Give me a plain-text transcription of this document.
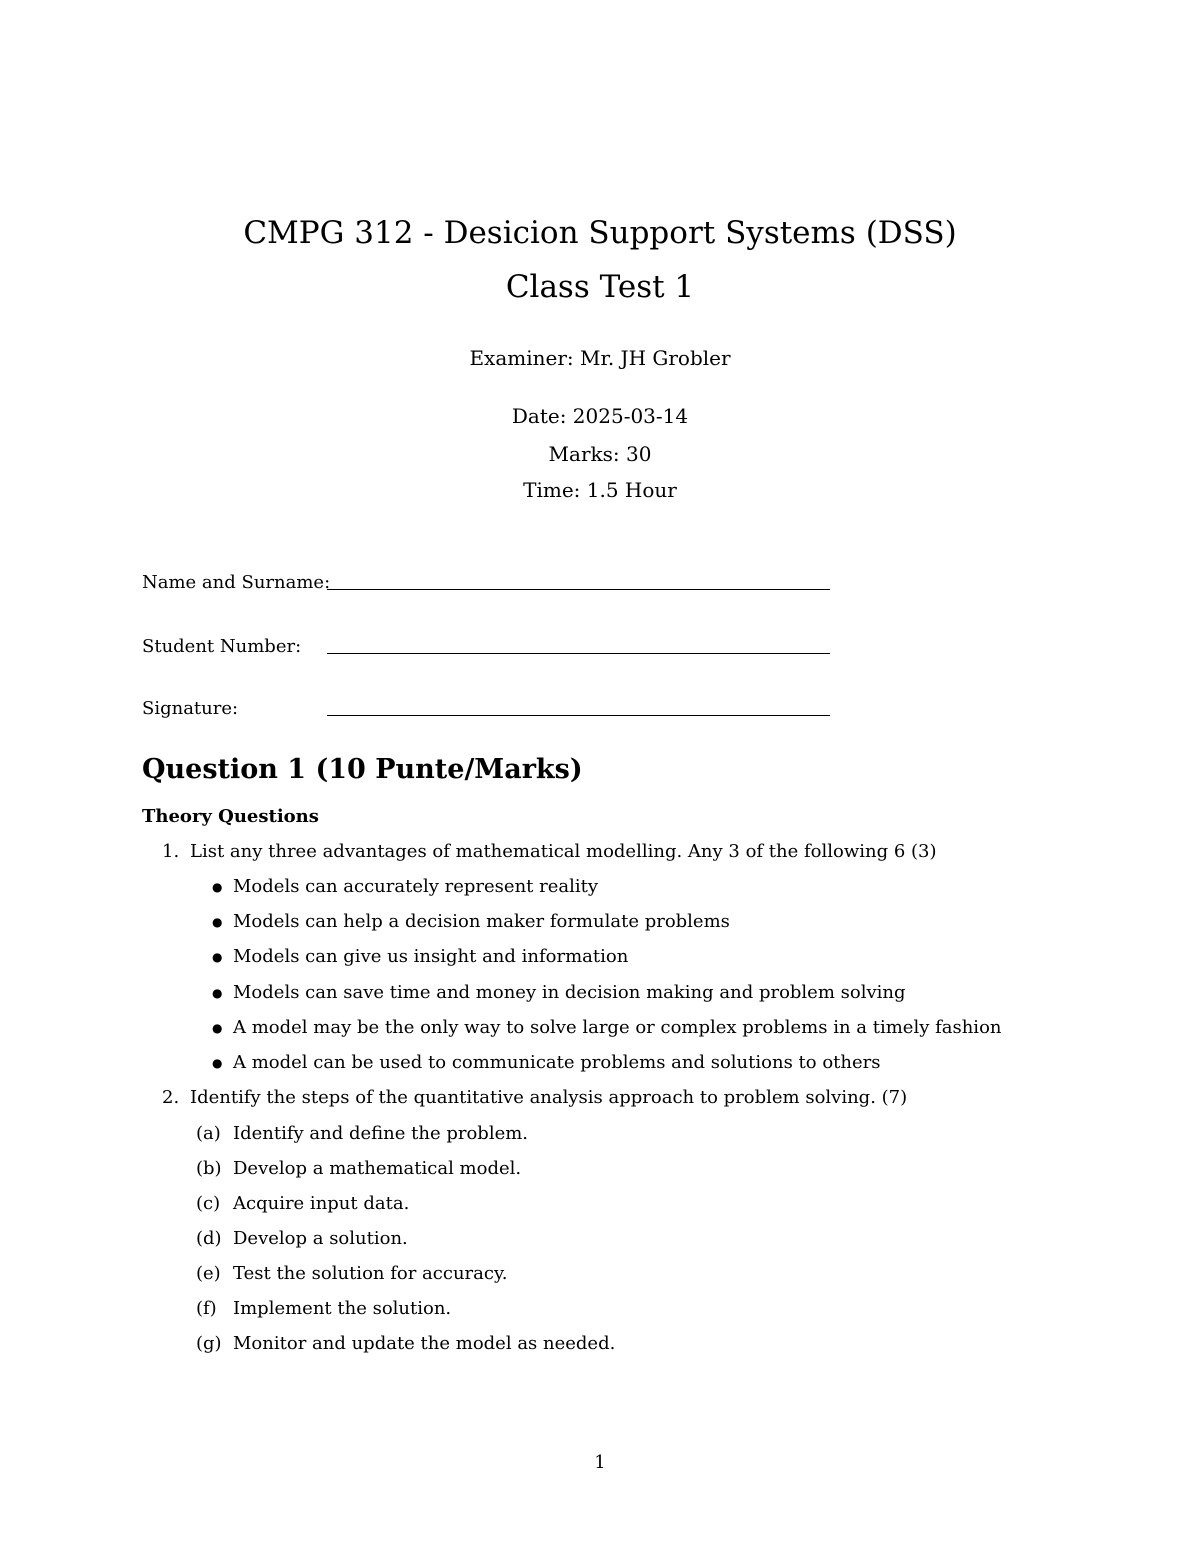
CMPG 312 - Desicion Support Systems (DSS)
Class Test 1
Examiner: Mr. JH Grobler
Date: 2025-03-14
Marks: 30
Time: 1.5 Hour
Name and Surname:
Student Number:
Signature:
Question 1 (10 Punte/Marks)
Theory Questions
1. List any three advantages of mathematical modelling. Any 3 of the following 6 (3)
● Models can accurately represent reality
● Models can help a decision maker formulate problems
● Models can give us insight and information
● Models can save time and money in decision making and problem solving
● A model may be the only way to solve large or complex problems in a timely fashion
● A model can be used to communicate problems and solutions to others
2. Identify the steps of the quantitative analysis approach to problem solving. (7)
(a) Identify and define the problem.
(b) Develop a mathematical model.
(c) Acquire input data.
(d) Develop a solution.
(e) Test the solution for accuracy.
(f) Implement the solution.
(g) Monitor and update the model as needed.
1
